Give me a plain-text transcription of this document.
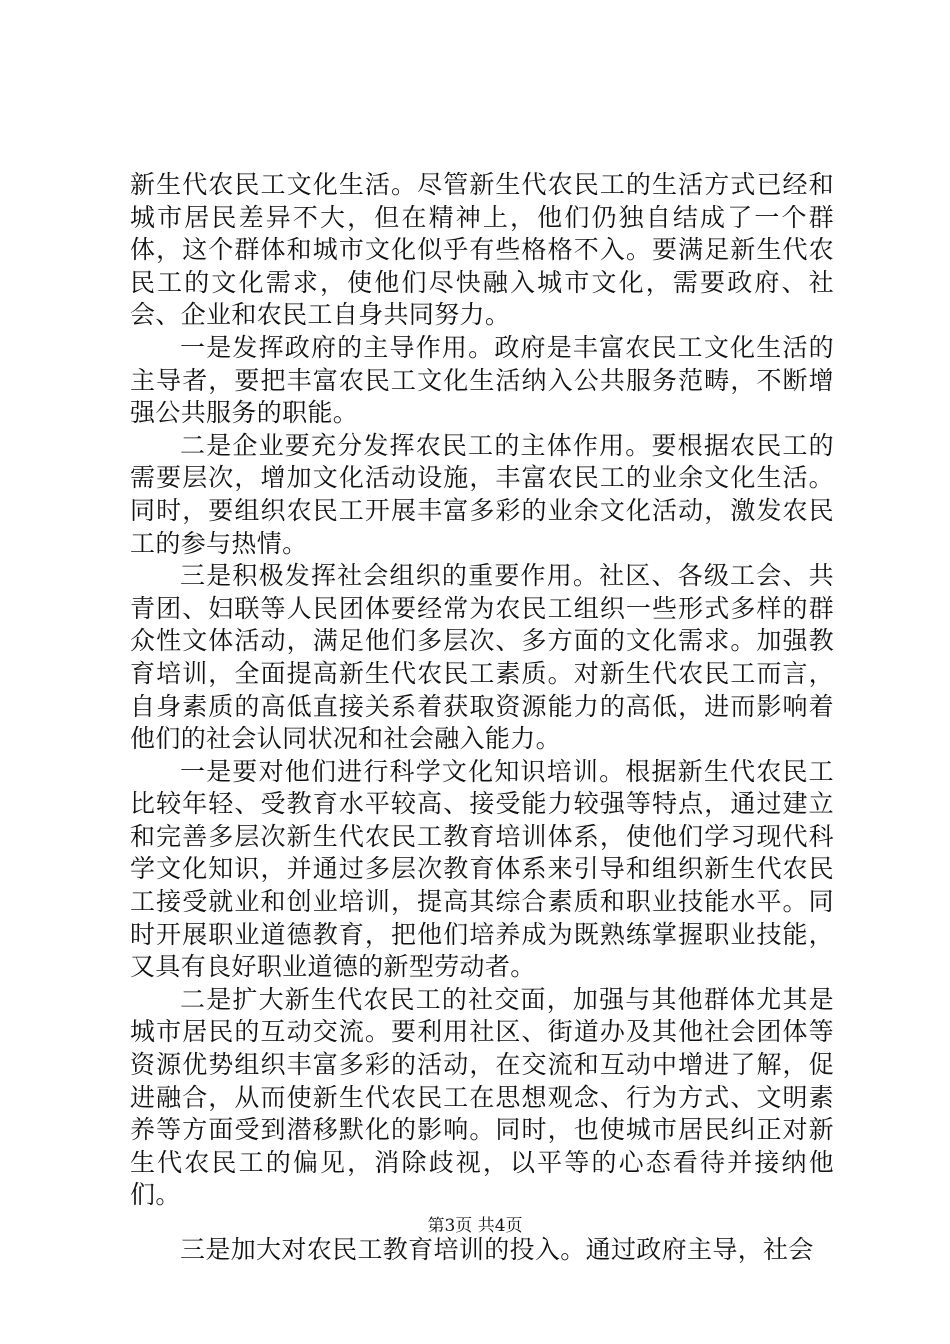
新生代农民工文化生活。尽管新生代农民工的生活方式已经和城市居民差异不大，但在精神上，他们仍独自结成了一个群体，这个群体和城市文化似乎有些格格不入。要满足新生代农民工的文化需求，使他们尽快融入城市文化，需要政府、社会、企业和农民工自身共同努力。

一是发挥政府的主导作用。政府是丰富农民工文化生活的主导者，要把丰富农民工文化生活纳入公共服务范畴，不断增强公共服务的职能。

二是企业要充分发挥农民工的主体作用。要根据农民工的需要层次，增加文化活动设施，丰富农民工的业余文化生活。同时，要组织农民工开展丰富多彩的业余文化活动，激发农民工的参与热情。

三是积极发挥社会组织的重要作用。社区、各级工会、共青团、妇联等人民团体要经常为农民工组织一些形式多样的群众性文体活动，满足他们多层次、多方面的文化需求。加强教育培训，全面提高新生代农民工素质。对新生代农民工而言，自身素质的高低直接关系着获取资源能力的高低，进而影响着他们的社会认同状况和社会融入能力。

一是要对他们进行科学文化知识培训。根据新生代农民工比较年轻、受教育水平较高、接受能力较强等特点，通过建立和完善多层次新生代农民工教育培训体系，使他们学习现代科学文化知识，并通过多层次教育体系来引导和组织新生代农民工接受就业和创业培训，提高其综合素质和职业技能水平。同时开展职业道德教育，把他们培养成为既熟练掌握职业技能，又具有良好职业道德的新型劳动者。

二是扩大新生代农民工的社交面，加强与其他群体尤其是城市居民的互动交流。要利用社区、街道办及其他社会团体等资源优势组织丰富多彩的活动，在交流和互动中增进了解，促进融合，从而使新生代农民工在思想观念、行为方式、文明素养等方面受到潜移默化的影响。同时，也使城市居民纠正对新生代农民工的偏见，消除歧视，以平等的心态看待并接纳他们。

三是加大对农民工教育培训的投入。通过政府主导，社会

第3页 共4页
